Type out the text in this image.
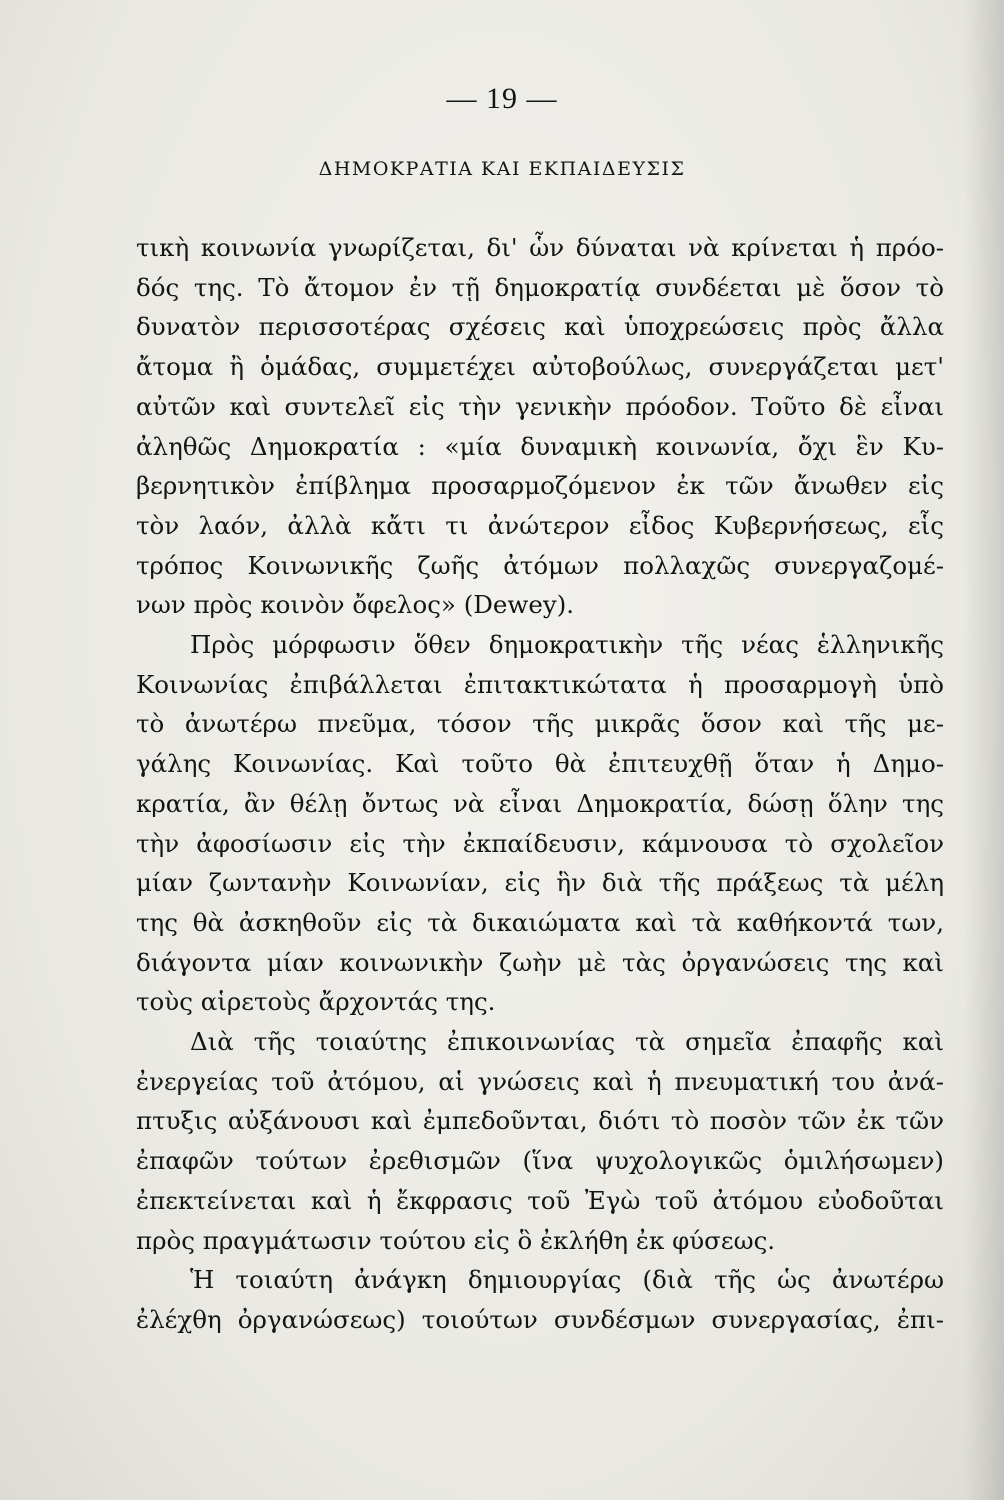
— 19 —
ΔΗΜΟΚΡΑΤΙΑ ΚΑΙ ΕΚΠΑΙΔΕΥΣΙΣ
τικὴ κοινωνία γνωρίζεται, δι' ὧν δύναται νὰ κρίνεται ἡ πρόο-
δός της. Τὸ ἄτομον ἐν τῇ δημοκρατίᾳ συνδέεται μὲ ὅσον τὸ
δυνατὸν περισσοτέρας σχέσεις καὶ ὑποχρεώσεις πρὸς ἄλλα
ἄτομα ἢ ὁμάδας, συμμετέχει αὐτοβούλως, συνεργάζεται μετ'
αὐτῶν καὶ συντελεῖ εἰς τὴν γενικὴν πρόοδον. Τοῦτο δὲ εἶναι
ἀληθῶς Δημοκρατία : «μία δυναμικὴ κοινωνία, ὄχι ἓν Κυ-
βερνητικὸν ἐπίβλημα προσαρμοζόμενον ἐκ τῶν ἄνωθεν εἰς
τὸν λαόν, ἀλλὰ κἄτι τι ἀνώτερον εἶδος Κυβερνήσεως, εἷς
τρόπος Κοινωνικῆς ζωῆς ἀτόμων πολλαχῶς συνεργαζομέ-
νων πρὸς κοινὸν ὄφελος» (Dewey).
Πρὸς μόρφωσιν ὅθεν δημοκρατικὴν τῆς νέας ἑλληνικῆς
Κοινωνίας ἐπιβάλλεται ἐπιτακτικώτατα ἡ προσαρμογὴ ὑπὸ
τὸ ἀνωτέρω πνεῦμα, τόσον τῆς μικρᾶς ὅσον καὶ τῆς με-
γάλης Κοινωνίας. Καὶ τοῦτο θὰ ἐπιτευχθῇ ὅταν ἡ Δημο-
κρατία, ἂν θέλῃ ὄντως νὰ εἶναι Δημοκρατία, δώσῃ ὅλην της
τὴν ἀφοσίωσιν εἰς τὴν ἐκπαίδευσιν, κάμνουσα τὸ σχολεῖον
μίαν ζωντανὴν Κοινωνίαν, εἰς ἣν διὰ τῆς πράξεως τὰ μέλη
της θὰ ἀσκηθοῦν εἰς τὰ δικαιώματα καὶ τὰ καθήκοντά των,
διάγοντα μίαν κοινωνικὴν ζωὴν μὲ τὰς ὀργανώσεις της καὶ
τοὺς αἱρετοὺς ἄρχοντάς της.
Διὰ τῆς τοιαύτης ἐπικοινωνίας τὰ σημεῖα ἐπαφῆς καὶ
ἐνεργείας τοῦ ἀτόμου, αἱ γνώσεις καὶ ἡ πνευματική του ἀνά-
πτυξις αὐξάνουσι καὶ ἐμπεδοῦνται, διότι τὸ ποσὸν τῶν ἐκ τῶν
ἐπαφῶν τούτων ἐρεθισμῶν (ἵνα ψυχολογικῶς ὁμιλήσωμεν)
ἐπεκτείνεται καὶ ἡ ἔκφρασις τοῦ Ἐγὼ τοῦ ἀτόμου εὐοδοῦται
πρὸς πραγμάτωσιν τούτου εἰς ὃ ἐκλήθη ἐκ φύσεως.
Ἡ τοιαύτη ἀνάγκη δημιουργίας (διὰ τῆς ὡς ἀνωτέρω
ἐλέχθη ὀργανώσεως) τοιούτων συνδέσμων συνεργασίας, ἐπι-
